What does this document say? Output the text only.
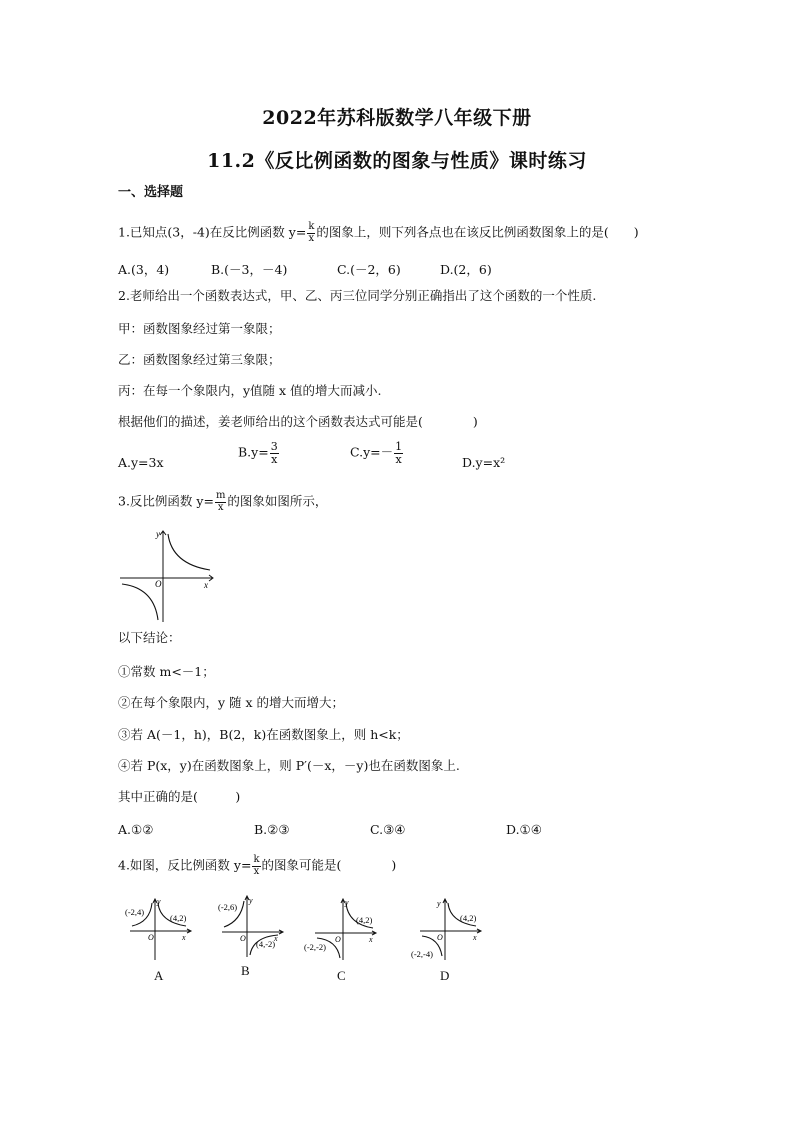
2022年苏科版数学八年级下册
11.2《反比例函数的图象与性质》课时练习
一、选择题
1.已知点(3，-4)在反比例函数 $y= \frac{k}{x}$ 的图象上，则下列各点也在该反比例函数图象上的是(　　)
A.(3，4)	B.(－3，－4)	C.(－2，6)	D.(2，6)
2.老师给出一个函数表达式，甲、乙、丙三位同学分别正确指出了这个函数的一个性质.
甲：函数图象经过第一象限；
乙：函数图象经过第三象限；
丙：在每一个象限内，y值随 x 值的增大而减小.
根据他们的描述，姜老师给出的这个函数表达式可能是(　　　　)
A.y=3x
$B.y= \frac{3}{x}$	$C.y=- \frac{1}{x}$	D.y=x²
3.反比例函数 $y= \frac{m}{x}$ 的图象如图所示，
y
x
O
以下结论：
①常数 m<－1；
②在每个象限内，y 随 x 的增大而增大；
③若 A(－1，h)，B(2，k)在函数图象上，则 h<k；
④若 P(x，y)在函数图象上，则 P′(－x，－y)也在函数图象上.
其中正确的是(　　　)
A.①②	B.②③	C.③④	D.①④
4.如图，反比例函数 $y= \frac{k}{x}$ 的图象可能是(　　　　)
(-2,4)
(4,2)
y
x
O
(-2,6)
(4,-2)
y
x
O
(4,2)
(-2,-2)
y
x
O
(4,2)
(-2,-4)
y
x
O
A	B	C	D
